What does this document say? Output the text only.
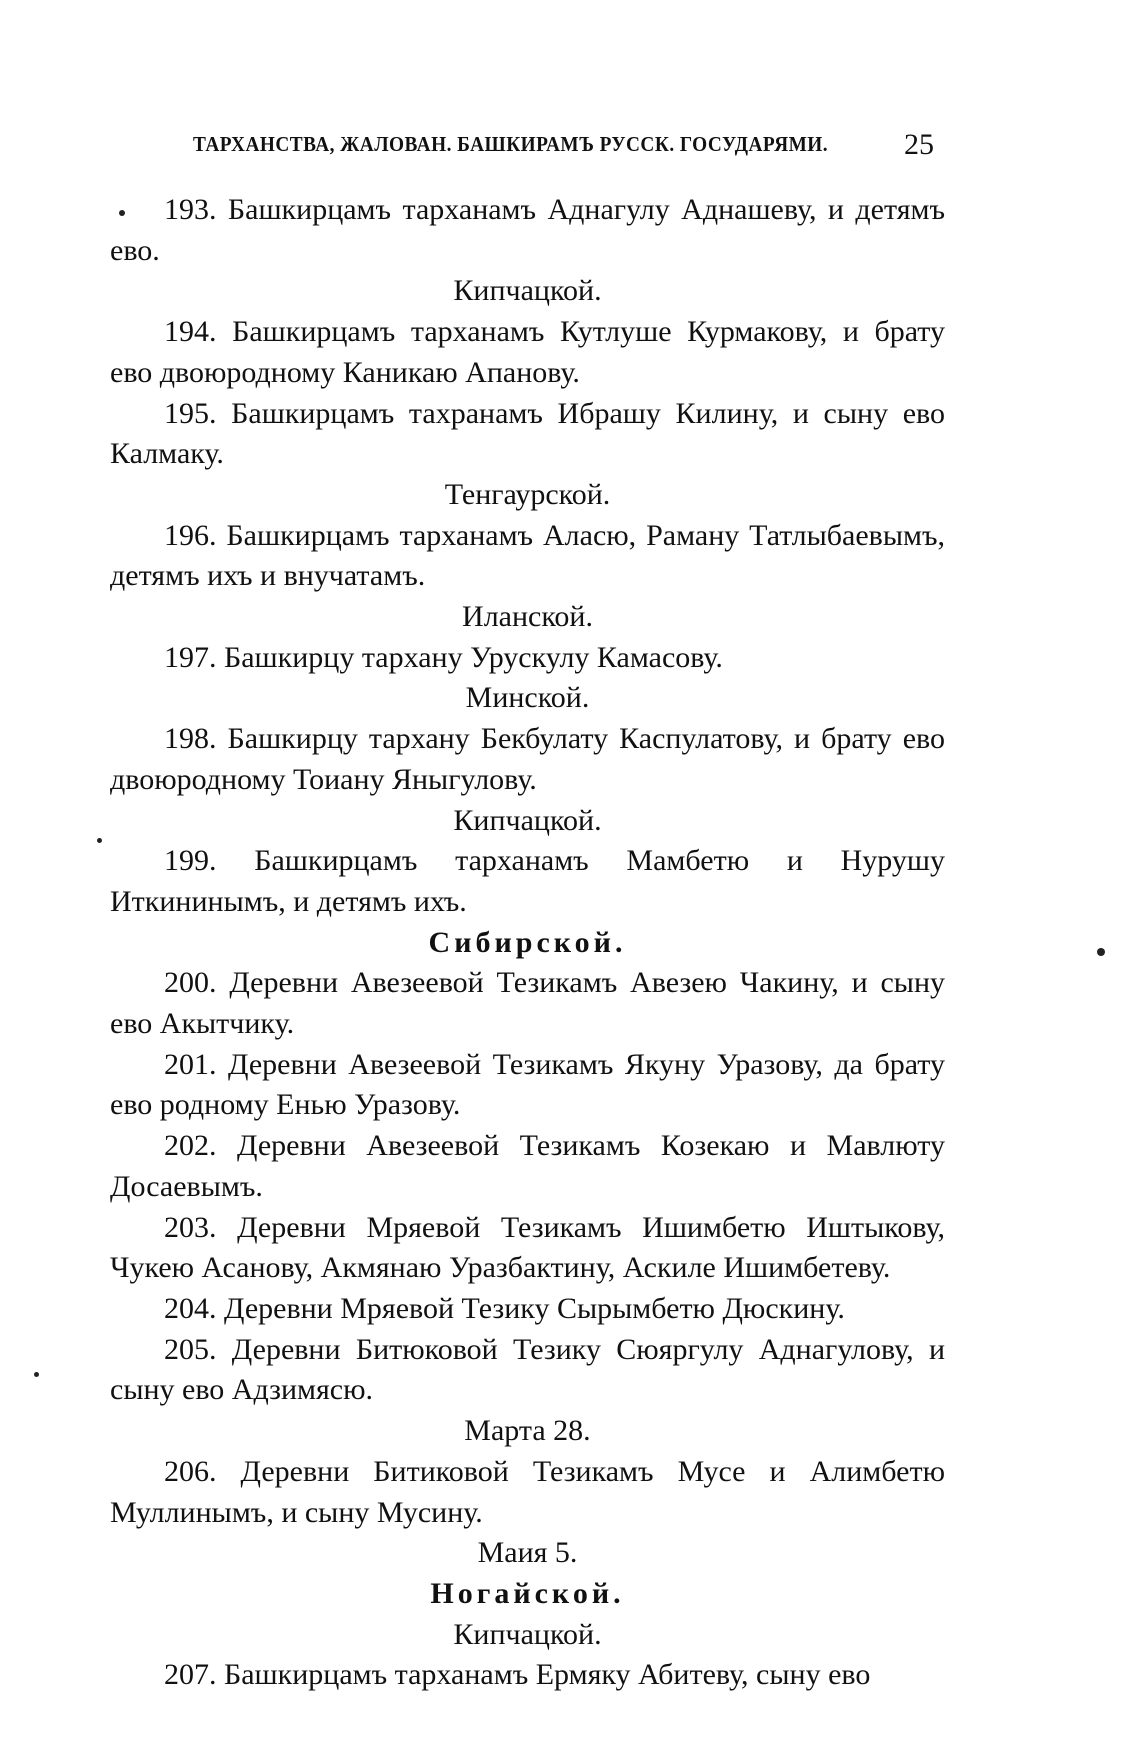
ТАРХАНСТВА, ЖАЛОВАН. БАШКИРАМЪ РУССК. ГОСУДАРЯМИ.	25

193. Башкирцамъ тарханамъ Аднагулу Аднашеву, и детямъ ево.

Кипчацкой.

194. Башкирцамъ тарханамъ Кутлуше Курмакову, и брату ево двоюродному Каникаю Апанову.

195. Башкирцамъ тахранамъ Ибрашу Килину, и сыну ево Калмаку.

Тенгаурской.

196. Башкирцамъ тарханамъ Аласю, Раману Татлыбаевымъ, детямъ ихъ и внучатамъ.

Иланской.

197. Башкирцу тархану Урускулу Камасову.

Минской.

198. Башкирцу тархану Бекбулату Каспулатову, и брату ево двоюродному Тоиану Яныгулову.

Кипчацкой.

199. Башкирцамъ тарханамъ Мамбетю и Нурушу Иткининымъ, и детямъ ихъ.

Сибирской.

200. Деревни Авезеевой Тезикамъ Авезею Чакину, и сыну ево Акытчику.

201. Деревни Авезеевой Тезикамъ Якуну Уразову, да брату ево родному Енью Уразову.

202. Деревни Авезеевой Тезикамъ Козекаю и Мавлюту Досаевымъ.

203. Деревни Мряевой Тезикамъ Ишимбетю Иштыкову, Чукею Асанову, Акмянаю Уразбактину, Аскиле Ишимбетеву.

204. Деревни Мряевой Тезику Сырымбетю Дюскину.

205. Деревни Битюковой Тезику Сюяргулу Аднагулову, и сыну ево Адзимясю.

Марта 28.

206. Деревни Битиковой Тезикамъ Мусе и Алимбетю Муллинымъ, и сыну Мусину.

Маия 5.

Ногайской.

Кипчацкой.

207. Башкирцамъ тарханамъ Ермяку Абитеву, сыну ево
